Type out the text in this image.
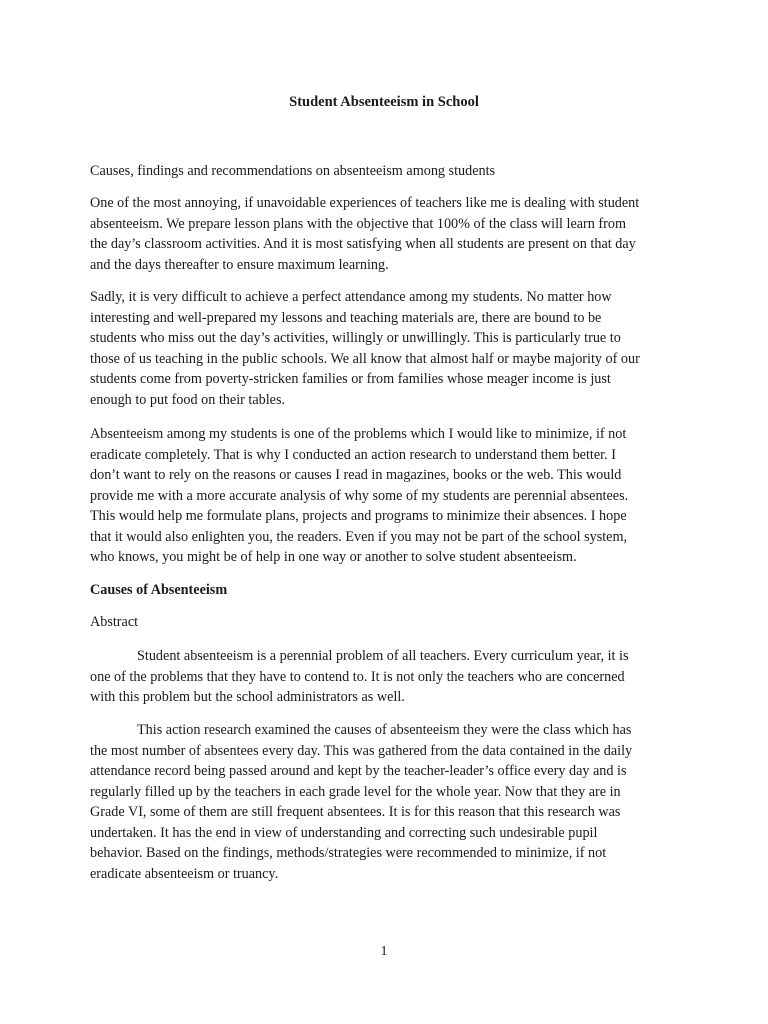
Student Absenteeism in School

Causes, findings and recommendations on absenteeism among students

One of the most annoying, if unavoidable experiences of teachers like me is dealing with student
absenteeism. We prepare lesson plans with the objective that 100% of the class will learn from
the day’s classroom activities. And it is most satisfying when all students are present on that day
and the days thereafter to ensure maximum learning.

Sadly, it is very difficult to achieve a perfect attendance among my students. No matter how
interesting and well-prepared my lessons and teaching materials are, there are bound to be
students who miss out the day’s activities, willingly or unwillingly. This is particularly true to
those of us teaching in the public schools. We all know that almost half or maybe majority of our
students come from poverty-stricken families or from families whose meager income is just
enough to put food on their tables.

Absenteeism among my students is one of the problems which I would like to minimize, if not
eradicate completely. That is why I conducted an action research to understand them better. I
don’t want to rely on the reasons or causes I read in magazines, books or the web. This would
provide me with a more accurate analysis of why some of my students are perennial absentees.
This would help me formulate plans, projects and programs to minimize their absences. I hope
that it would also enlighten you, the readers. Even if you may not be part of the school system,
who knows, you might be of help in one way or another to solve student absenteeism.

Causes of Absenteeism

Abstract

Student absenteeism is a perennial problem of all teachers. Every curriculum year, it is
one of the problems that they have to contend to. It is not only the teachers who are concerned
with this problem but the school administrators as well.

This action research examined the causes of absenteeism they were the class which has
the most number of absentees every day. This was gathered from the data contained in the daily
attendance record being passed around and kept by the teacher-leader’s office every day and is
regularly filled up by the teachers in each grade level for the whole year. Now that they are in
Grade VI, some of them are still frequent absentees. It is for this reason that this research was
undertaken. It has the end in view of understanding and correcting such undesirable pupil
behavior. Based on the findings, methods/strategies were recommended to minimize, if not
eradicate absenteeism or truancy.

1
